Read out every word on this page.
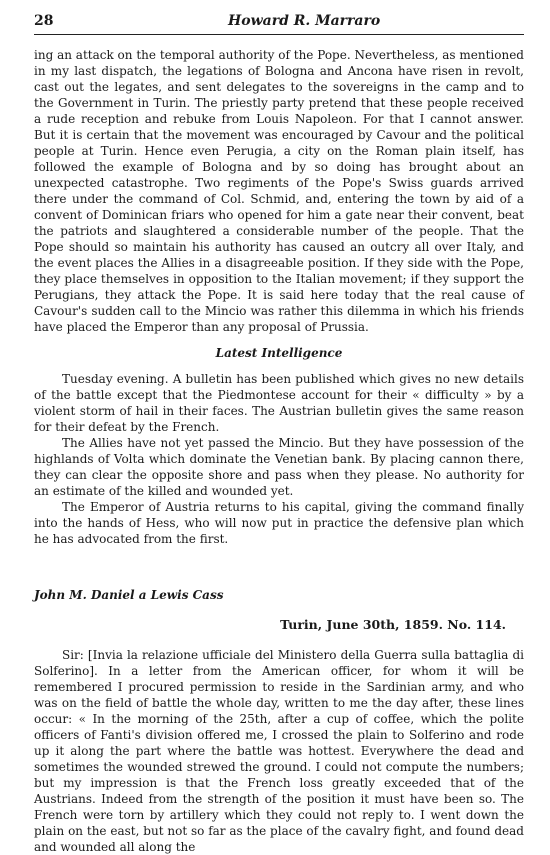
28	Howard R. Marraro

ing an attack on the temporal authority of the Pope. Nevertheless, as mentioned in my last dispatch, the legations of Bologna and Ancona have risen in revolt, cast out the legates, and sent delegates to the sovereigns in the camp and to the Government in Turin. The priestly party pretend that these people received a rude reception and rebuke from Louis Napoleon. For that I cannot answer. But it is certain that the movement was encouraged by Cavour and the political people at Turin. Hence even Perugia, a city on the Roman plain itself, has followed the example of Bologna and by so doing has brought about an unexpected catastrophe. Two regiments of the Pope's Swiss guards arrived there under the command of Col. Schmid, and, entering the town by aid of a convent of Dominican friars who opened for him a gate near their convent, beat the patriots and slaughtered a considerable number of the people. That the Pope should so maintain his authority has caused an outcry all over Italy, and the event places the Allies in a disagreeable position. If they side with the Pope, they place themselves in opposition to the Italian movement; if they support the Perugians, they attack the Pope. It is said here today that the real cause of Cavour's sudden call to the Mincio was rather this dilemma in which his friends have placed the Emperor than any proposal of Prussia.

Latest Intelligence

Tuesday evening. A bulletin has been published which gives no new details of the battle except that the Piedmontese account for their « difficulty » by a violent storm of hail in their faces. The Austrian bulletin gives the same reason for their defeat by the French.

The Allies have not yet passed the Mincio. But they have possession of the highlands of Volta which dominate the Venetian bank. By placing cannon there, they can clear the opposite shore and pass when they please. No authority for an estimate of the killed and wounded yet.

The Emperor of Austria returns to his capital, giving the command finally into the hands of Hess, who will now put in practice the defensive plan which he has advocated from the first.

John M. Daniel a Lewis Cass
Turin, June 30th, 1859. No. 114.

Sir: [Invia la relazione ufficiale del Ministero della Guerra sulla battaglia di Solferino]. In a letter from the American officer, for whom it will be remembered I procured permission to reside in the Sardinian army, and who was on the field of battle the whole day, written to me the day after, these lines occur: « In the morning of the 25th, after a cup of coffee, which the polite officers of Fanti's division offered me, I crossed the plain to Solferino and rode up it along the part where the battle was hottest. Everywhere the dead and sometimes the wounded strewed the ground. I could not compute the numbers; but my impression is that the French loss greatly exceeded that of the Austrians. Indeed from the strength of the position it must have been so. The French were torn by artillery which they could not reply to. I went down the plain on the east, but not so far as the place of the cavalry fight, and found dead and wounded all along the
